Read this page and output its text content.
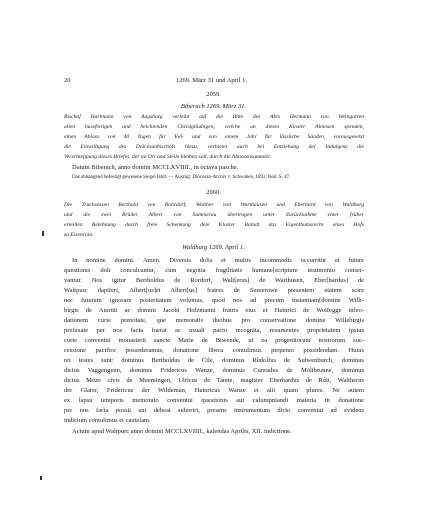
20	1269. März 31 und April 1.
2059.
Biberach 1269. März 31.
Bischof Hartmann von Augsburg verleiht auf die Bitte des Abts Hermann von Weingarten
allen bussfertigen und beichtenden Christgläubigen, welche an dieses Kloster Almosen spenden,
einen Ablass von 40 Tagen für Tod- und von einem Jahr für lässliche Sünden, vorausgesetzt
die Einwilligung des Diöcesanbischofs hiezu, verbietet auch bei Entziehung der Indulgenz die
Verschleppung dieses Briefes, der an Ort und Stelle bleiben soll, durch die Almosensammler.
Datum Biberach, anno domini MCCLXVIIII., in octava pasche.
Das abhangend befestigt gewesene Siegel fehlt. — Auszug: Diöcesan-Archiv v. Schwaben, 1892, Beil. S. 47.
2060.
Die Truchsessen Berthold von Rohrdorf, Walther von Warthausen und Eberhard von Waldburg
und die zwei Brüder Albert von Summerau übertragen unter Zurücknahme einer früher
erteilten Belehnung durch freie Schenkung dem Kloster Baindt das Eigenthumsrecht eines Hofs
zu Eisenrain.
Waldburg 1269. April 1.
In nomine domini. Amen. Diversis dolis et multis incommodis occurritur et future
questionis doli conculcantur, cum negotia fragilitatis humane[scripture testimonio conser-
vantur. Nos igitur Bertholdus de Rordorf, Walt[erus] de Warthusen, Eber[hardus] de
Waltpurc dapiferi, Albert[us]et Albert[us] fratres de Sumerowe presentem etatem scire
nec futuram ignorare posteritatem volumus, quod nos ad precum instantiam[domine Willi-
birgis de Ainrüti ac domini Jacobi Holzmanni fratris eius et Hainrici de Wolfegge infeo-
dationem curie prenotate, que memoratis duobus pro conservatione domine Willebirgis
prefaxate per nos facta fuerat ac usuali pacto recognita, resumentes proprietatem ipsius
curie conventui monasterii sancte Marie de Biwende, ut ea progenitorum nostrorum suc-
cessione pacifice possederamus, donatione libera contulimus perpetuo possidendam. Huius
rei testes sunt: dominus Bertholdus de Cile, dominus Rûdolfus de Sulwenburch, dominus
dictus Vaggengenn, dominus Fridericus Wanze, dominus Cunradus de Mölibrunne, dominus
dictus Moze civis de Meemingen, Ulricus de Tanne, magister Eberhardus de Rôti, Waltherus
der Glarer, Fridericus der Wildeman, Hainricus Wanze et alii quam plures. Ne autem
ex lapsu temporis memorato conventui questionis aut calumpniandi materia in donatione
per nos facta possit aut debeat suboriri, presens instrumentum dicto conventui ad evidens
indicium contulimus et cautelam.
Actum apud Waltpurc anno domini MCCLXVIIII., kalendas Aprilis, XII. indictione.
